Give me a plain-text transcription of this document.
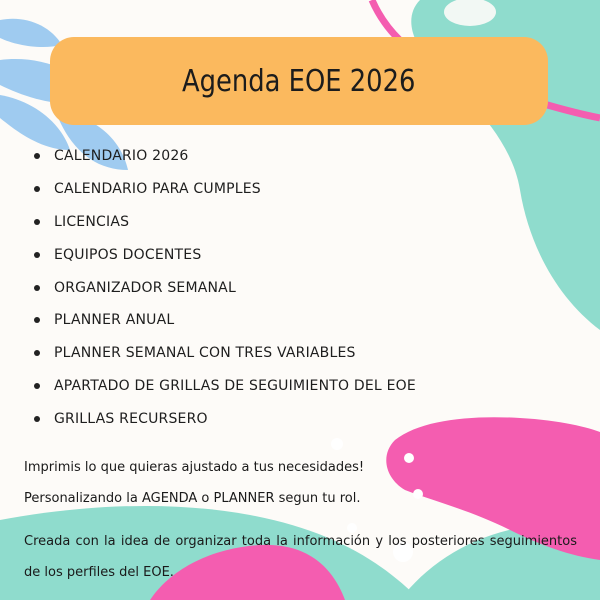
Agenda EOE 2026
CALENDARIO 2026
CALENDARIO PARA CUMPLES
LICENCIAS
EQUIPOS DOCENTES
ORGANIZADOR SEMANAL
PLANNER ANUAL
PLANNER SEMANAL CON TRES VARIABLES
APARTADO DE GRILLAS DE SEGUIMIENTO DEL EOE
GRILLAS RECURSERO
Imprimis lo que quieras ajustado a tus necesidades!
Personalizando la AGENDA o PLANNER segun tu rol.
Creada con la idea de organizar toda la información y los posteriores seguimientos de los perfiles del EOE.
